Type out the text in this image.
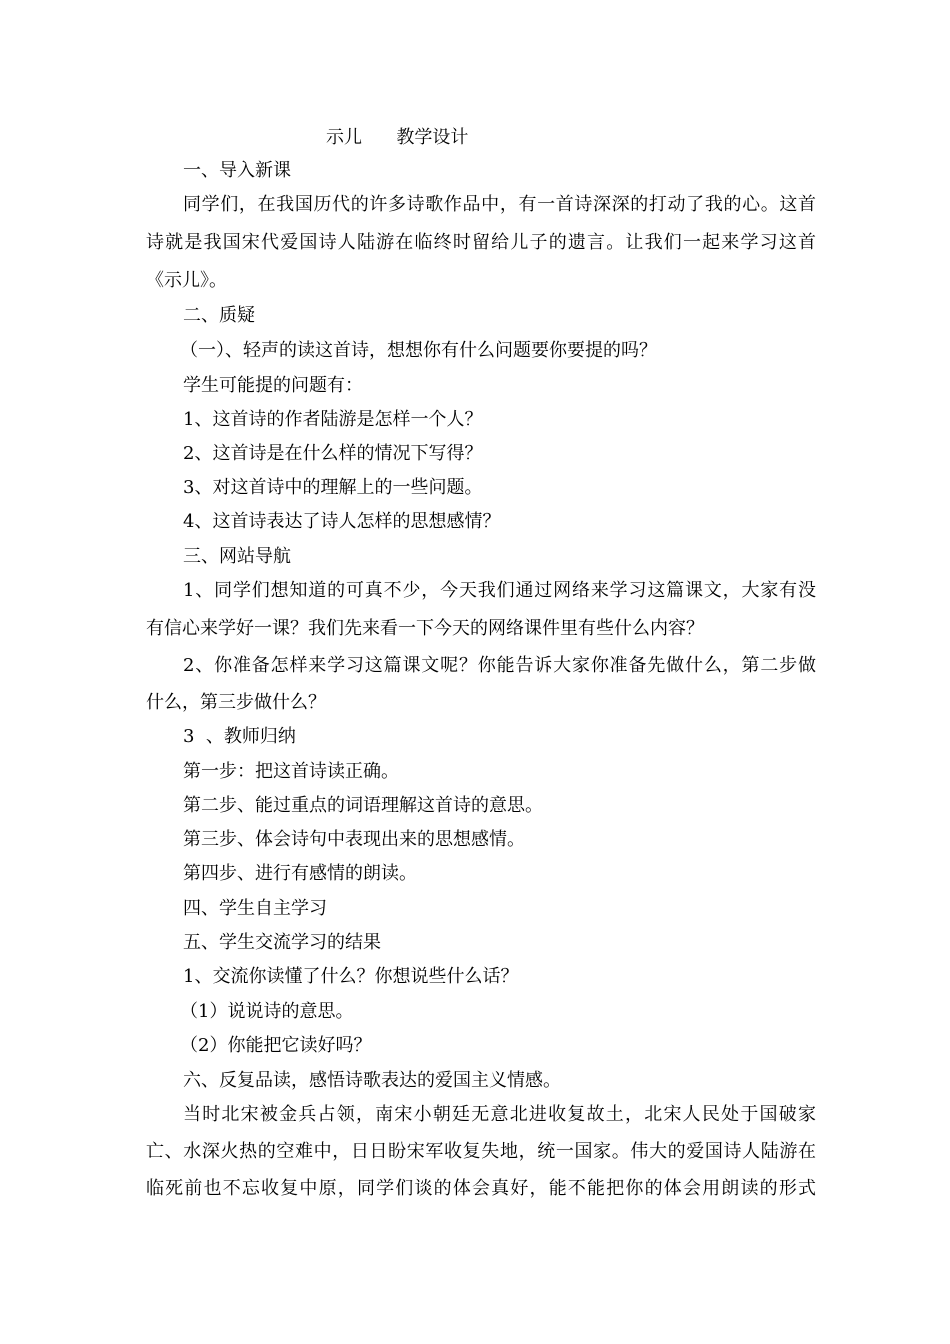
示儿      教学设计
一、导入新课
同学们，在我国历代的许多诗歌作品中，有一首诗深深的打动了我的心。这首
诗就是我国宋代爱国诗人陆游在临终时留给儿子的遗言。让我们一起来学习这首
《示儿》。
二、质疑
（一）、轻声的读这首诗，想想你有什么问题要你要提的吗？
学生可能提的问题有：
1、这首诗的作者陆游是怎样一个人？
2、这首诗是在什么样的情况下写得？
3、对这首诗中的理解上的一些问题。
4、这首诗表达了诗人怎样的思想感情？
三、网站导航
1、同学们想知道的可真不少，今天我们通过网络来学习这篇课文，大家有没
有信心来学好一课？我们先来看一下今天的网络课件里有些什么内容？
2、你准备怎样来学习这篇课文呢？你能告诉大家你准备先做什么，第二步做
什么，第三步做什么？
3  、教师归纳
第一步：把这首诗读正确。
第二步、能过重点的词语理解这首诗的意思。
第三步、体会诗句中表现出来的思想感情。
第四步、进行有感情的朗读。
四、学生自主学习
五、学生交流学习的结果
1、交流你读懂了什么？你想说些什么话？
（1）说说诗的意思。
（2）你能把它读好吗？
六、反复品读，感悟诗歌表达的爱国主义情感。
当时北宋被金兵占领，南宋小朝廷无意北进收复故土，北宋人民处于国破家
亡、水深火热的空难中，日日盼宋军收复失地，统一国家。伟大的爱国诗人陆游在
临死前也不忘收复中原，同学们谈的体会真好，能不能把你的体会用朗读的形式
